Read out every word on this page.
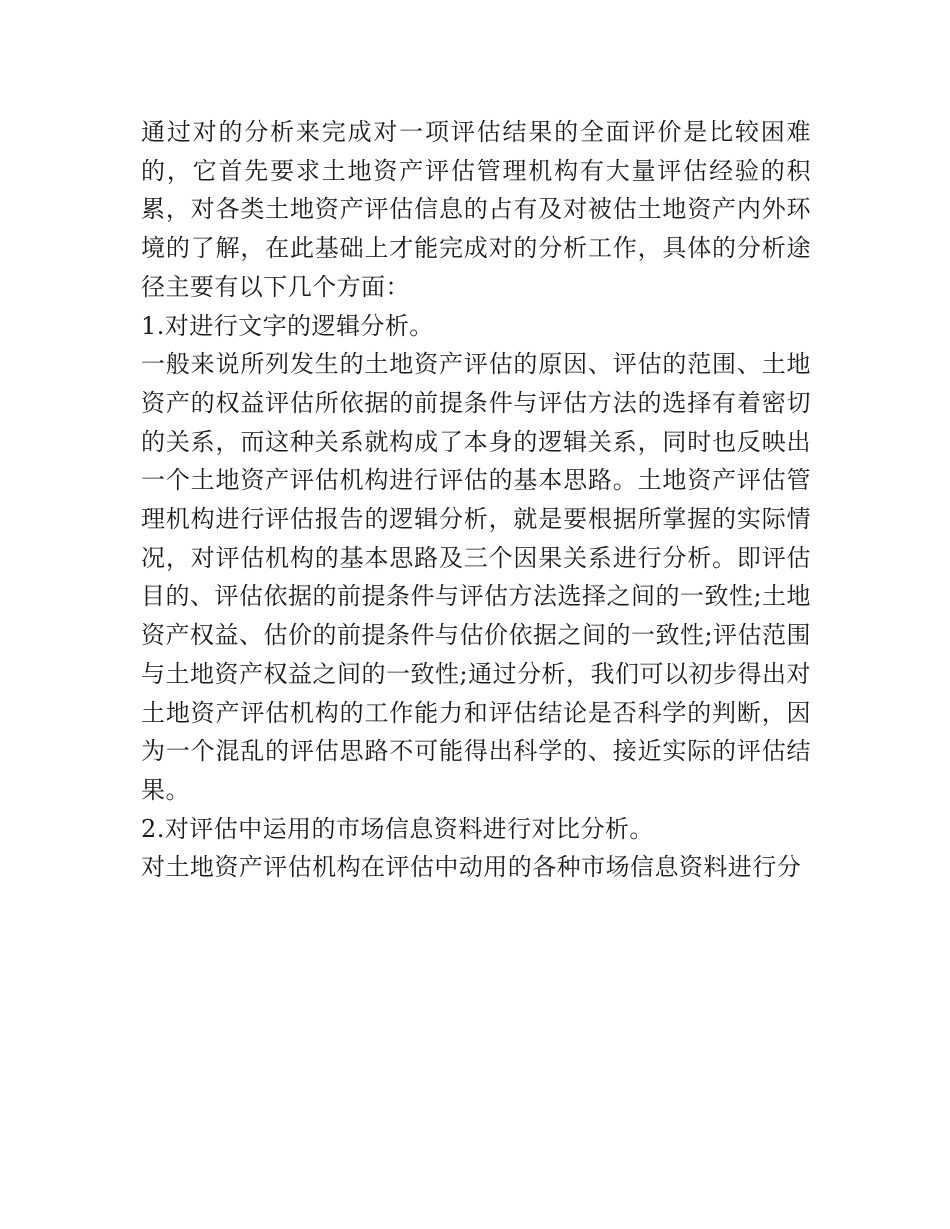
通过对的分析来完成对一项评估结果的全面评价是比较困难的，它首先要求土地资产评估管理机构有大量评估经验的积累，对各类土地资产评估信息的占有及对被估土地资产内外环境的了解，在此基础上才能完成对的分析工作，具体的分析途径主要有以下几个方面：

1.对进行文字的逻辑分析。

一般来说所列发生的土地资产评估的原因、评估的范围、土地资产的权益评估所依据的前提条件与评估方法的选择有着密切的关系，而这种关系就构成了本身的逻辑关系，同时也反映出一个土地资产评估机构进行评估的基本思路。土地资产评估管理机构进行评估报告的逻辑分析，就是要根据所掌握的实际情况，对评估机构的基本思路及三个因果关系进行分析。即评估目的、评估依据的前提条件与评估方法选择之间的一致性;土地资产权益、估价的前提条件与估价依据之间的一致性;评估范围与土地资产权益之间的一致性;通过分析，我们可以初步得出对土地资产评估机构的工作能力和评估结论是否科学的判断，因为一个混乱的评估思路不可能得出科学的、接近实际的评估结果。

2.对评估中运用的市场信息资料进行对比分析。

对土地资产评估机构在评估中动用的各种市场信息资料进行分
